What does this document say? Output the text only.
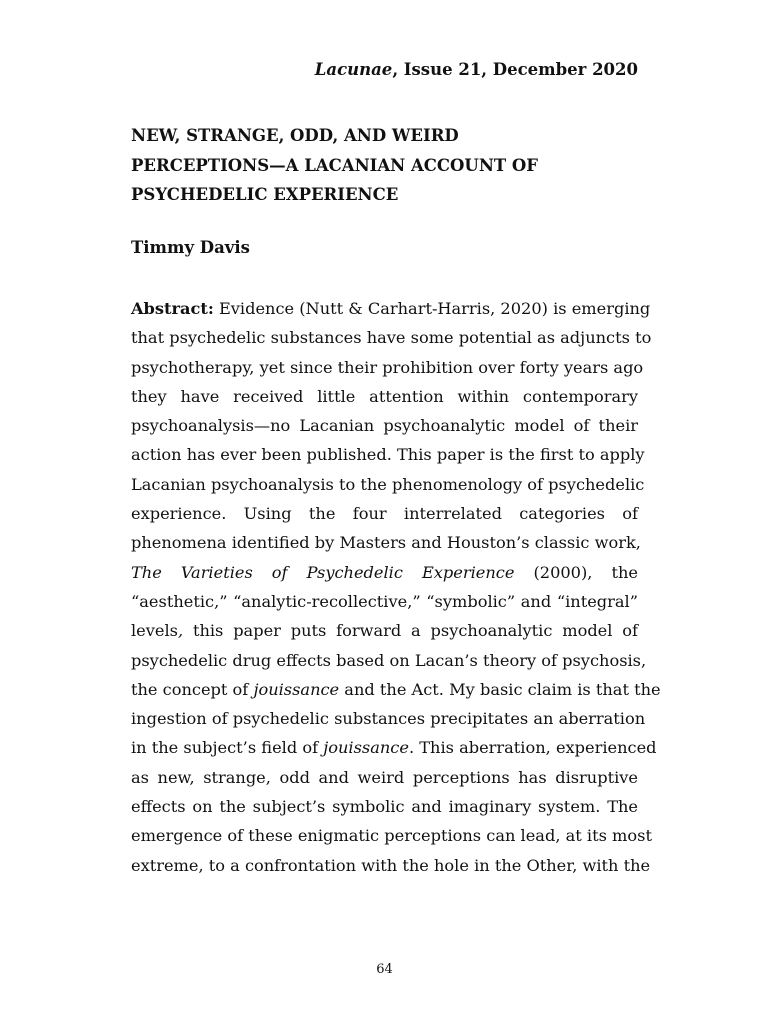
Lacunae, Issue 21, December 2020
NEW, STRANGE, ODD, AND WEIRD
PERCEPTIONS—A LACANIAN ACCOUNT OF
PSYCHEDELIC EXPERIENCE
Timmy Davis
Abstract: Evidence (Nutt & Carhart-Harris, 2020) is emerging
that psychedelic substances have some potential as adjuncts to
psychotherapy, yet since their prohibition over forty years ago
they have received little attention within contemporary
psychoanalysis—no Lacanian psychoanalytic model of their
action has ever been published. This paper is the first to apply
Lacanian psychoanalysis to the phenomenology of psychedelic
experience. Using the four interrelated categories of
phenomena identified by Masters and Houston’s classic work,
The Varieties of Psychedelic Experience (2000), the
“aesthetic,” “analytic-recollective,” “symbolic” and “integral”
levels, this paper puts forward a psychoanalytic model of
psychedelic drug effects based on Lacan’s theory of psychosis,
the concept of jouissance and the Act. My basic claim is that the
ingestion of psychedelic substances precipitates an aberration
in the subject’s field of jouissance. This aberration, experienced
as new, strange, odd and weird perceptions has disruptive
effects on the subject’s symbolic and imaginary system. The
emergence of these enigmatic perceptions can lead, at its most
extreme, to a confrontation with the hole in the Other, with the
64
